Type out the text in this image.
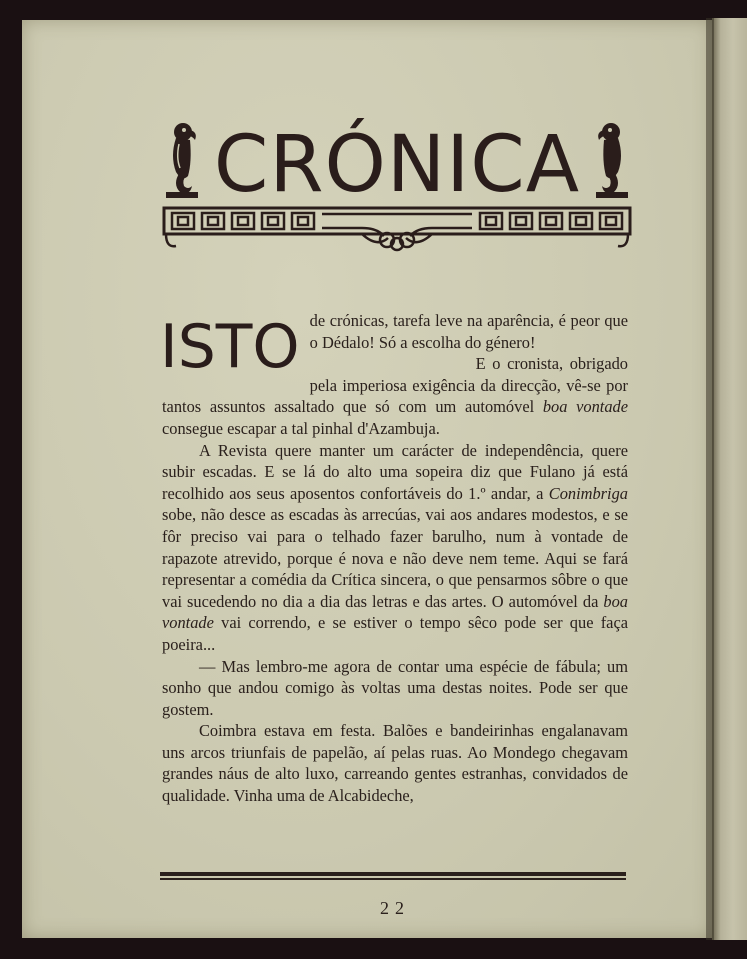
CRÓNICA
ISTO de crónicas, tarefa leve na aparência, é peor que o Dédalo! Só a escolha do género!

E o cronista, obrigado pela imperiosa exigência da direcção, vê-se por tantos assuntos assaltado que só com um automóvel boa vontade consegue escapar a tal pinhal d'Azambuja.

A Revista quere manter um carácter de independência, quere subir escadas. E se lá do alto uma sopeira diz que Fulano já está recolhido aos seus aposentos confortáveis do 1.º andar, a Conimbriga sobe, não desce as escadas às arrecúas, vai aos andares modestos, e se fôr preciso vai para o telhado fazer barulho, num à vontade de rapazote atrevido, porque é nova e não deve nem teme. Aqui se fará representar a comédia da Crítica sincera, o que pensarmos sôbre o que vai sucedendo no dia a dia das letras e das artes. O automóvel da boa vontade vai correndo, e se estiver o tempo sêco pode ser que faça poeira...

— Mas lembro-me agora de contar uma espécie de fábula; um sonho que andou comigo às voltas uma destas noites. Pode ser que gostem.

Coimbra estava em festa. Balões e bandeirinhas engalanavam uns arcos triunfais de papelão, aí pelas ruas. Ao Mondego chegavam grandes náus de alto luxo, carreando gentes estranhas, convidados de qualidade. Vinha uma de Alcabideche,

22
